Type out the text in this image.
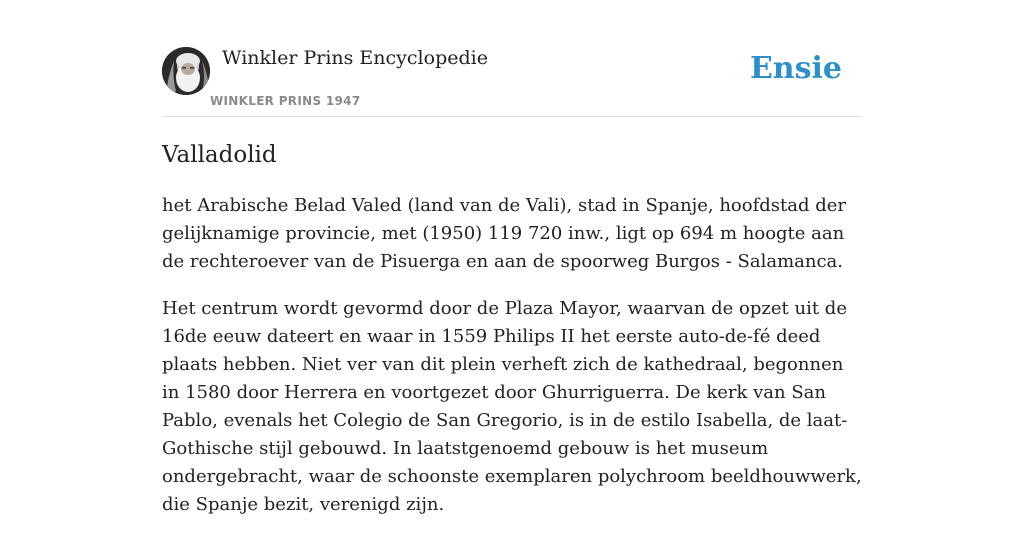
Winkler Prins Encyclopedie
WINKLER PRINS 1947
Ensie
Valladolid

het Arabische Belad Valed (land van de Vali), stad in Spanje, hoofdstad der gelijknamige provincie, met (1950) 119 720 inw., ligt op 694 m hoogte aan de rechteroever van de Pisuerga en aan de spoorweg Burgos - Salamanca.

Het centrum wordt gevormd door de Plaza Mayor, waarvan de opzet uit de 16de eeuw dateert en waar in 1559 Philips II het eerste auto-de-fé deed plaats hebben. Niet ver van dit plein verheft zich de kathedraal, begonnen in 1580 door Herrera en voortgezet door Ghurriguerra. De kerk van San Pablo, evenals het Colegio de San Gregorio, is in de estilo Isabella, de laat-Gothische stijl gebouwd. In laatstgenoemd gebouw is het museum ondergebracht, waar de schoonste exemplaren polychroom beeldhouwwerk, die Spanje bezit, verenigd zijn.
